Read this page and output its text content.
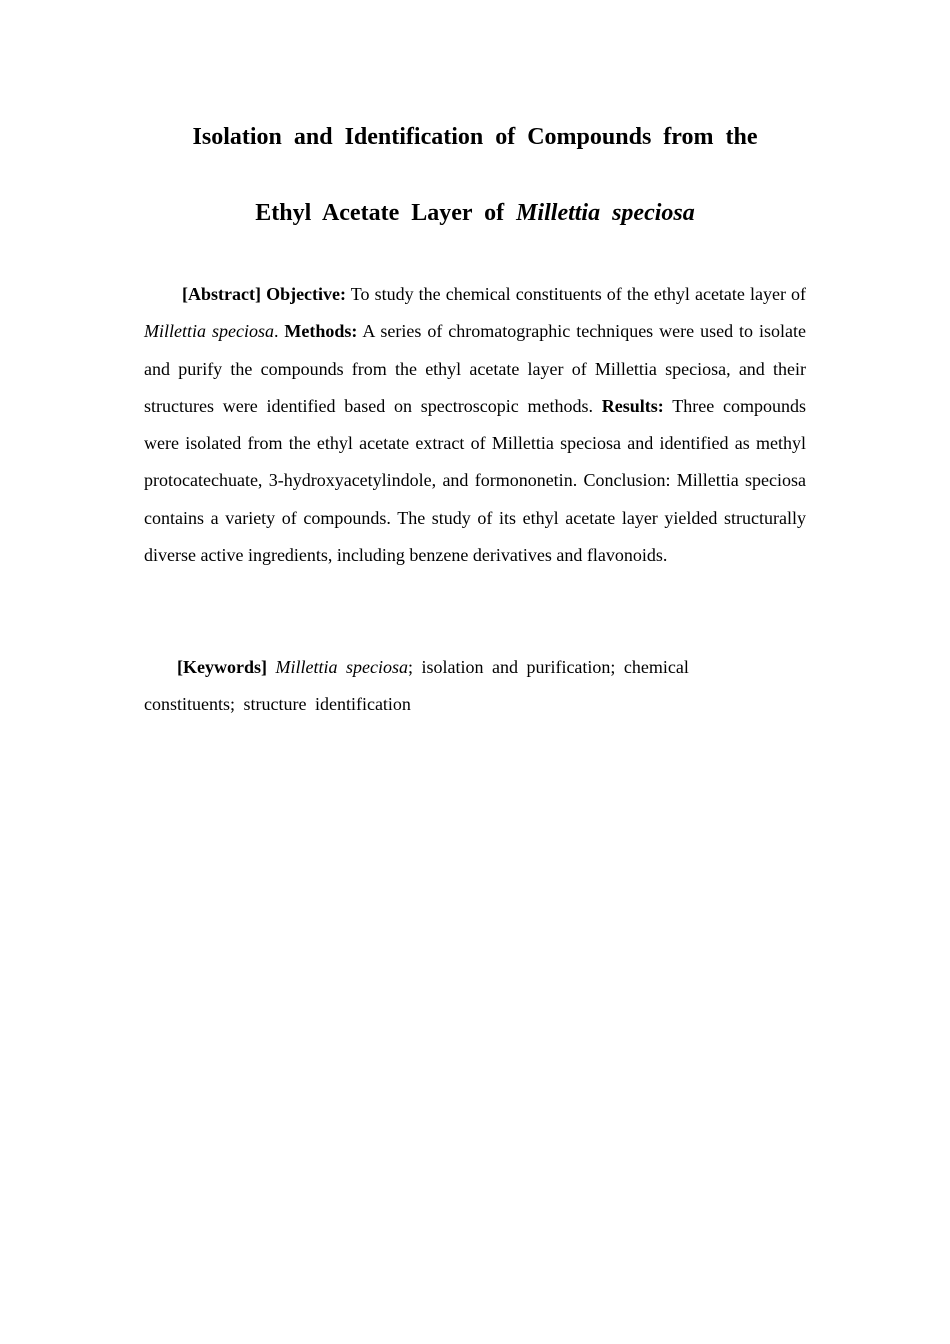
Isolation and Identification of Compounds from the
Ethyl Acetate Layer of Millettia speciosa

[Abstract] Objective: To study the chemical constituents of the ethyl acetate layer of Millettia speciosa. Methods: A series of chromatographic techniques were used to isolate and purify the compounds from the ethyl acetate layer of Millettia speciosa, and their structures were identified based on spectroscopic methods. Results: Three compounds were isolated from the ethyl acetate extract of Millettia speciosa and identified as methyl protocatechuate, 3-hydroxyacetylindole, and formononetin. Conclusion: Millettia speciosa contains a variety of compounds. The study of its ethyl acetate layer yielded structurally diverse active ingredients, including benzene derivatives and flavonoids.

[Keywords] Millettia speciosa; isolation and purification; chemical constituents; structure identification
